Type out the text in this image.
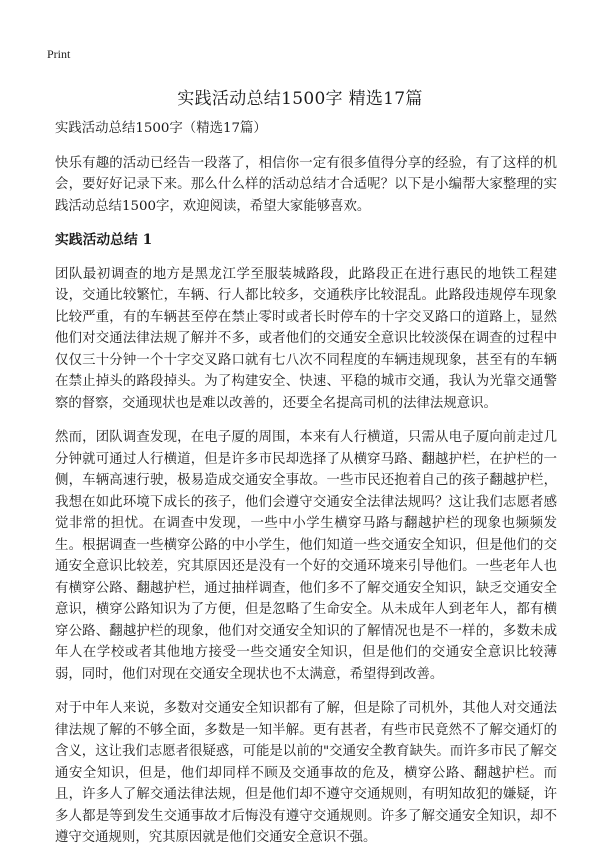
Print
实践活动总结1500字 精选17篇

实践活动总结1500字（精选17篇）

快乐有趣的活动已经告一段落了，相信你一定有很多值得分享的经验，有了这样的机会，要好好记录下来。那么什么样的活动总结才合适呢？以下是小编帮大家整理的实践活动总结1500字，欢迎阅读，希望大家能够喜欢。

实践活动总结 1

团队最初调查的地方是黑龙江学至服装城路段，此路段正在进行惠民的地铁工程建设，交通比较繁忙，车辆、行人都比较多，交通秩序比较混乱。此路段违规停车现象比较严重，有的车辆甚至停在禁止零时或者长时停车的十字交叉路口的道路上，显然他们对交通法律法规了解并不多，或者他们的交通安全意识比较淡保在调查的过程中仅仅三十分钟一个十字交叉路口就有七八次不同程度的车辆违规现象，甚至有的车辆在禁止掉头的路段掉头。为了构建安全、快速、平稳的城市交通，我认为光靠交通警察的督察，交通现状也是难以改善的，还要全名提高司机的法律法规意识。

然而，团队调查发现，在电子厦的周围，本来有人行横道，只需从电子厦向前走过几分钟就可通过人行横道，但是许多市民却选择了从横穿马路、翻越护栏，在护栏的一侧，车辆高速行驶，极易造成交通安全事故。一些市民还抱着自己的孩子翻越护栏，我想在如此环境下成长的孩子，他们会遵守交通安全法律法规吗？这让我们志愿者感觉非常的担忧。在调查中发现，一些中小学生横穿马路与翻越护栏的现象也频频发生。根据调查一些横穿公路的中小学生，他们知道一些交通安全知识，但是他们的交通安全意识比较差，究其原因还是没有一个好的交通环境来引导他们。一些老年人也有横穿公路、翻越护栏，通过抽样调查，他们多不了解交通安全知识，缺乏交通安全意识，横穿公路知识为了方便，但是忽略了生命安全。从未成年人到老年人，都有横穿公路、翻越护栏的现象，他们对交通安全知识的了解情况也是不一样的，多数未成年人在学校或者其他地方接受一些交通安全知识，但是他们的交通安全意识比较薄弱，同时，他们对现在交通安全现状也不太满意，希望得到改善。

对于中年人来说，多数对交通安全知识都有了解，但是除了司机外，其他人对交通法律法规了解的不够全面，多数是一知半解。更有甚者，有些市民竟然不了解交通灯的含义，这让我们志愿者很疑惑，可能是以前的"交通安全教育缺失。而许多市民了解交通安全知识，但是，他们却同样不顾及交通事故的危及，横穿公路、翻越护栏。而且，许多人了解交通法律法规，但是他们却不遵守交通规则，有明知故犯的嫌疑，许多人都是等到发生交通事故才后悔没有遵守交通规则。许多了解交通安全知识，却不遵守交通规则，究其原因就是他们交通安全意识不强。
